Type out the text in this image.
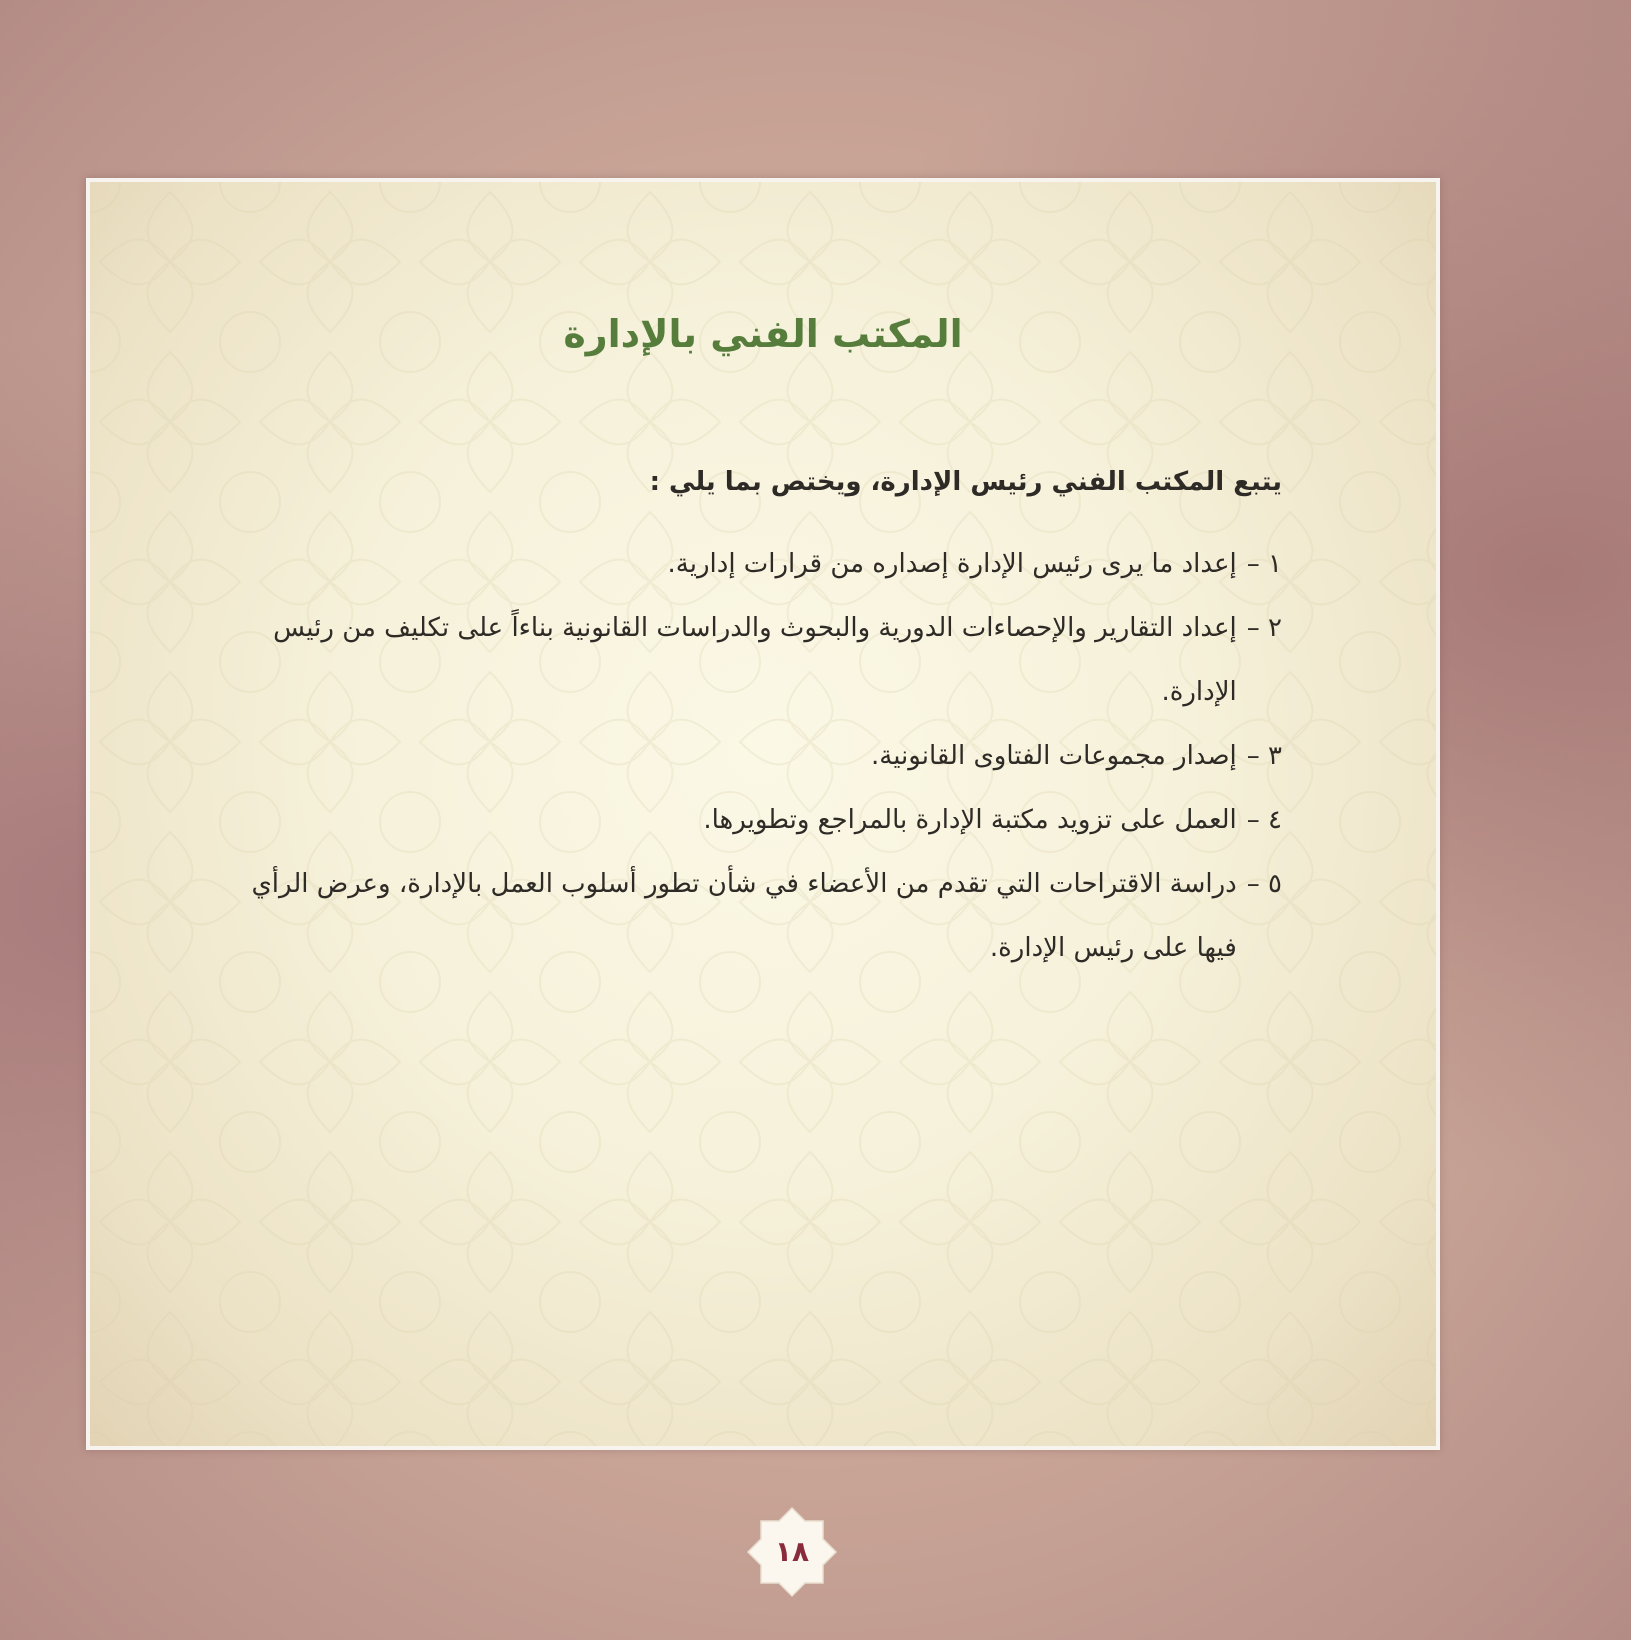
المكتب الفني بالإدارة

يتبع المكتب الفني رئيس الإدارة، ويختص بما يلي :

١ –
إعداد ما يرى رئيس الإدارة إصداره من قرارات إدارية.

٢ –
إعداد التقارير والإحصاءات الدورية والبحوث والدراسات القانونية بناءاً على تكليف من رئيس الإدارة.

٣ –
إصدار مجموعات الفتاوى القانونية.

٤ –
العمل على تزويد مكتبة الإدارة بالمراجع وتطويرها.

٥ –
دراسة الاقتراحات التي تقدم من الأعضاء في شأن تطور أسلوب العمل بالإدارة، وعرض الرأي فيها على رئيس الإدارة.

١٨
